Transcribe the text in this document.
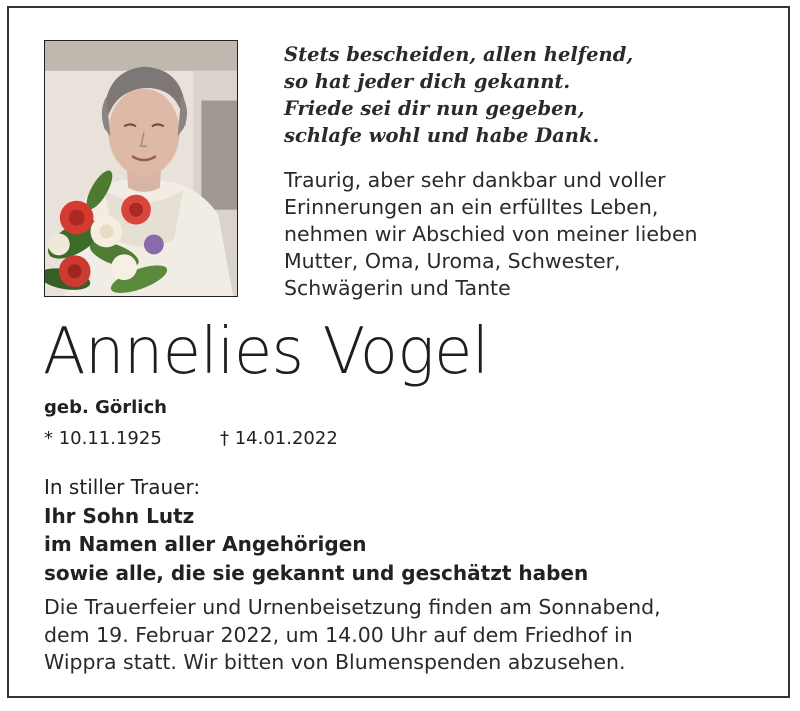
Stets bescheiden, allen helfend,
so hat jeder dich gekannt.
Friede sei dir nun gegeben,
schlafe wohl und habe Dank.
Traurig, aber sehr dankbar und voller
Erinnerungen an ein erfülltes Leben,
nehmen wir Abschied von meiner lieben
Mutter, Oma, Uroma, Schwester,
Schwägerin und Tante
Annelies Vogel
geb. Görlich
* 10.11.1925	† 14.01.2022
In stiller Trauer:
Ihr Sohn Lutz
im Namen aller Angehörigen
sowie alle, die sie gekannt und geschätzt haben
Die Trauerfeier und Urnenbeisetzung finden am Sonnabend,
dem 19. Februar 2022, um 14.00 Uhr auf dem Friedhof in
Wippra statt. Wir bitten von Blumenspenden abzusehen.
